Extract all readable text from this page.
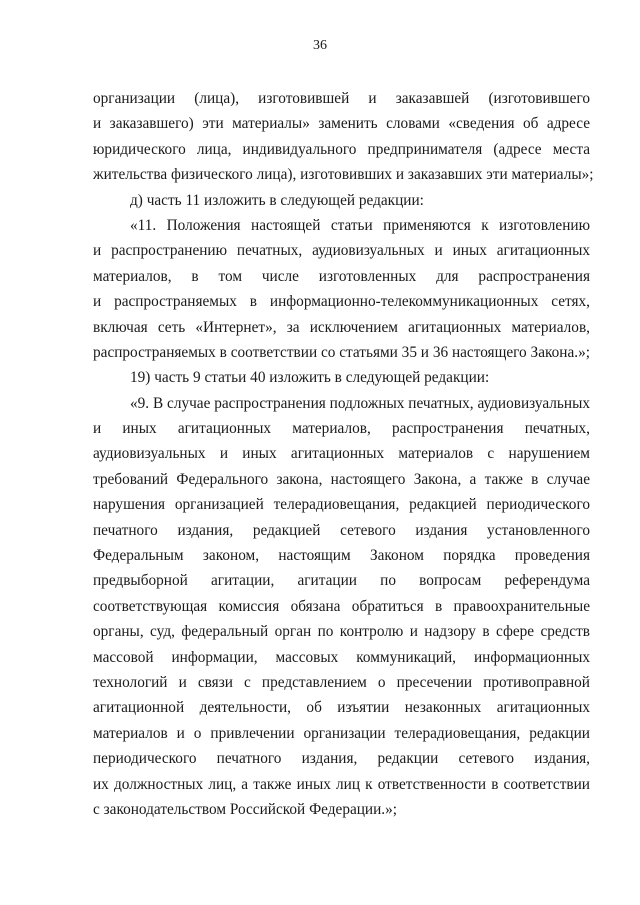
36
организации (лица), изготовившей и заказавшей (изготовившего
и заказавшего) эти материалы» заменить словами «сведения об адресе
юридического лица, индивидуального предпринимателя (адресе места
жительства физического лица), изготовивших и заказавших эти материалы»;
д) часть 11 изложить в следующей редакции:
«11. Положения настоящей статьи применяются к изготовлению
и распространению печатных, аудиовизуальных и иных агитационных
материалов, в том числе изготовленных для распространения
и распространяемых в информационно-телекоммуникационных сетях,
включая сеть «Интернет», за исключением агитационных материалов,
распространяемых в соответствии со статьями 35 и 36 настоящего Закона.»;
19) часть 9 статьи 40 изложить в следующей редакции:
«9. В случае распространения подложных печатных, аудиовизуальных
и иных агитационных материалов, распространения печатных,
аудиовизуальных и иных агитационных материалов с нарушением
требований Федерального закона, настоящего Закона, а также в случае
нарушения организацией телерадиовещания, редакцией периодического
печатного издания, редакцией сетевого издания установленного
Федеральным законом, настоящим Законом порядка проведения
предвыборной агитации, агитации по вопросам референдума
соответствующая комиссия обязана обратиться в правоохранительные
органы, суд, федеральный орган по контролю и надзору в сфере средств
массовой информации, массовых коммуникаций, информационных
технологий и связи с представлением о пресечении противоправной
агитационной деятельности, об изъятии незаконных агитационных
материалов и о привлечении организации телерадиовещания, редакции
периодического печатного издания, редакции сетевого издания,
их должностных лиц, а также иных лиц к ответственности в соответствии
с законодательством Российской Федерации.»;
